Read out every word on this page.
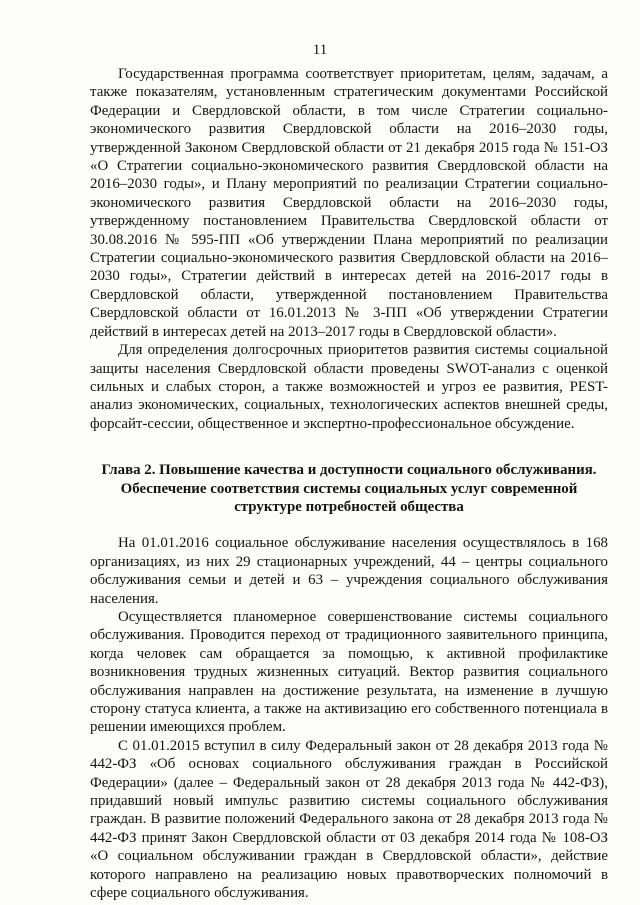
11

Государственная программа соответствует приоритетам, целям, задачам, а также показателям, установленным стратегическим документами Российской Федерации и Свердловской области, в том числе Стратегии социально-экономического развития Свердловской области на 2016–2030 годы, утвержденной Законом Свердловской области от 21 декабря 2015 года № 151-ОЗ «О Стратегии социально-экономического развития Свердловской области на 2016–2030 годы», и Плану мероприятий по реализации Стратегии социально-экономического развития Свердловской области на 2016–2030 годы, утвержденному постановлением Правительства Свердловской области от 30.08.2016 № 595-ПП «Об утверждении Плана мероприятий по реализации Стратегии социально-экономического развития Свердловской области на 2016–2030 годы», Стратегии действий в интересах детей на 2016-2017 годы в Свердловской области, утвержденной постановлением Правительства Свердловской области от 16.01.2013 № 3-ПП «Об утверждении Стратегии действий в интересах детей на 2013–2017 годы в Свердловской области».

Для определения долгосрочных приоритетов развития системы социальной защиты населения Свердловской области проведены SWOT-анализ с оценкой сильных и слабых сторон, а также возможностей и угроз ее развития, PEST-анализ экономических, социальных, технологических аспектов внешней среды, форсайт-сессии, общественное и экспертно-профессиональное обсуждение.

Глава 2. Повышение качества и доступности социального обслуживания.
Обеспечение соответствия системы социальных услуг современной
структуре потребностей общества

На 01.01.2016 социальное обслуживание населения осуществлялось в 168 организациях, из них 29 стационарных учреждений, 44 – центры социального обслуживания семьи и детей и 63 – учреждения социального обслуживания населения.

Осуществляется планомерное совершенствование системы социального обслуживания. Проводится переход от традиционного заявительного принципа, когда человек сам обращается за помощью, к активной профилактике возникновения трудных жизненных ситуаций. Вектор развития социального обслуживания направлен на достижение результата, на изменение в лучшую сторону статуса клиента, а также на активизацию его собственного потенциала в решении имеющихся проблем.

С 01.01.2015 вступил в силу Федеральный закон от 28 декабря 2013 года № 442-ФЗ «Об основах социального обслуживания граждан в Российской Федерации» (далее – Федеральный закон от 28 декабря 2013 года № 442-ФЗ), придавший новый импульс развитию системы социального обслуживания граждан. В развитие положений Федерального закона от 28 декабря 2013 года № 442-ФЗ принят Закон Свердловской области от 03 декабря 2014 года № 108-ОЗ «О социальном обслуживании граждан в Свердловской области», действие которого направлено на реализацию новых правотворческих полномочий в сфере социального обслуживания.
